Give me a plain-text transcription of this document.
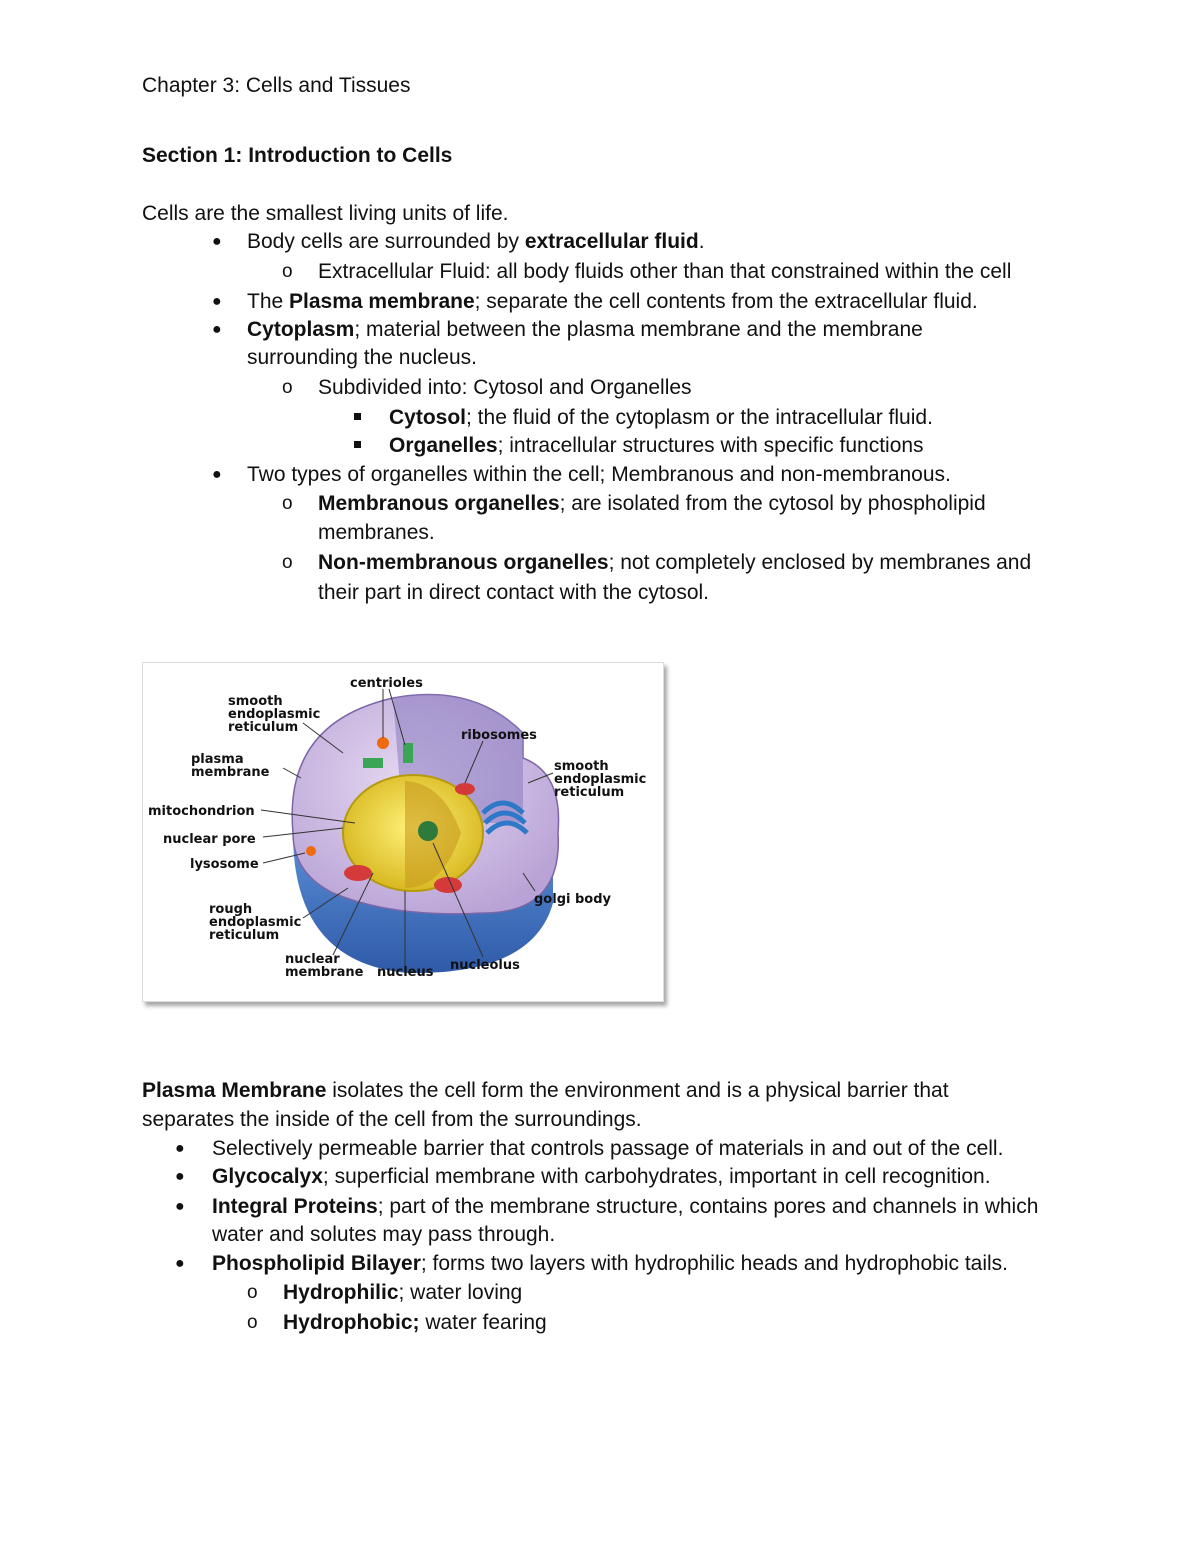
Chapter 3: Cells and Tissues
Section 1: Introduction to Cells
Cells are the smallest living units of life.
● Body cells are surrounded by extracellular fluid.
o Extracellular Fluid: all body fluids other than that constrained within the cell
● The Plasma membrane; separate the cell contents from the extracellular fluid.
● Cytoplasm; material between the plasma membrane and the membrane
surrounding the nucleus.
o Subdivided into: Cytosol and Organelles
Cytosol; the fluid of the cytoplasm or the intracellular fluid.
Organelles; intracellular structures with specific functions
● Two types of organelles within the cell; Membranous and non-membranous.
o Membranous organelles; are isolated from the cytosol by phospholipid
membranes.
o Non-membranous organelles; not completely enclosed by membranes and
their part in direct contact with the cytosol.
centrioles
smooth
endoplasmic
reticulum
plasma
membrane
mitochondrion
nuclear pore
lysosome
rough
endoplasmic
reticulum
nuclear
membrane nucleus nucleolus
ribosomes
smooth
endoplasmic
reticulum
golgi body
Plasma Membrane isolates the cell form the environment and is a physical barrier that
separates the inside of the cell from the surroundings.
● Selectively permeable barrier that controls passage of materials in and out of the cell.
● Glycocalyx; superficial membrane with carbohydrates, important in cell recognition.
● Integral Proteins; part of the membrane structure, contains pores and channels in which
water and solutes may pass through.
● Phospholipid Bilayer; forms two layers with hydrophilic heads and hydrophobic tails.
o Hydrophilic; water loving
o Hydrophobic; water fearing
